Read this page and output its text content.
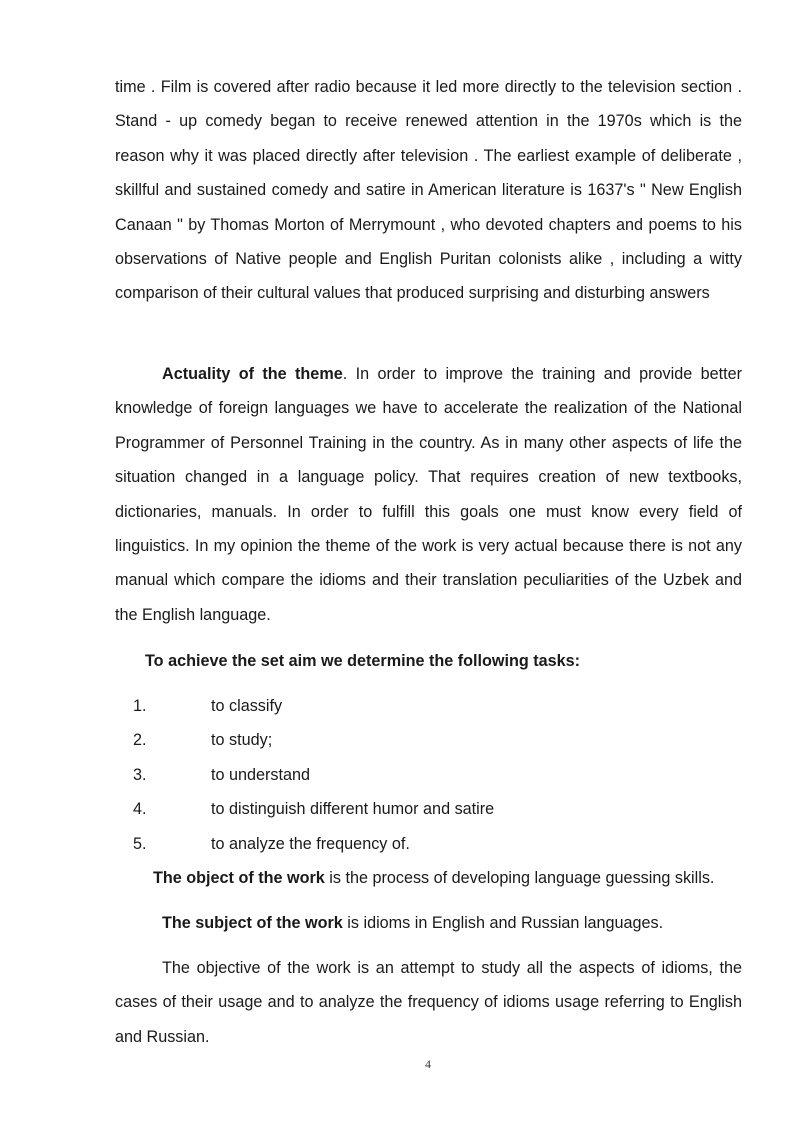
time . Film is covered after radio because it led more directly to the television section . Stand - up comedy began to receive renewed attention in the 1970s which is the reason why it was placed directly after television . The earliest example of deliberate , skillful and sustained comedy and satire in American literature is 1637's " New English Canaan " by Thomas Morton of Merrymount , who devoted chapters and poems to his observations of Native people and English Puritan colonists alike , including a witty comparison of their cultural values that produced surprising and disturbing answers

Actuality of the theme. In order to improve the training and provide better knowledge of foreign languages we have to accelerate the realization of the National Programmer of Personnel Training in the country. As in many other aspects of life the situation changed in a language policy. That requires creation of new textbooks, dictionaries, manuals. In order to fulfill this goals one must know every field of linguistics. In my opinion the theme of the work is very actual because there is not any manual which compare the idioms and their translation peculiarities of the Uzbek and the English language.

To achieve the set aim we determine the following tasks:

1.	to classify
2.	to study;
3.	to understand
4.	to distinguish different humor and satire
5.	to analyze the frequency of.

The object of the work is the process of developing language guessing skills.

The subject of the work is idioms in English and Russian languages.

The objective of the work is an attempt to study all the aspects of idioms, the cases of their usage and to analyze the frequency of idioms usage referring to English and Russian.

4
